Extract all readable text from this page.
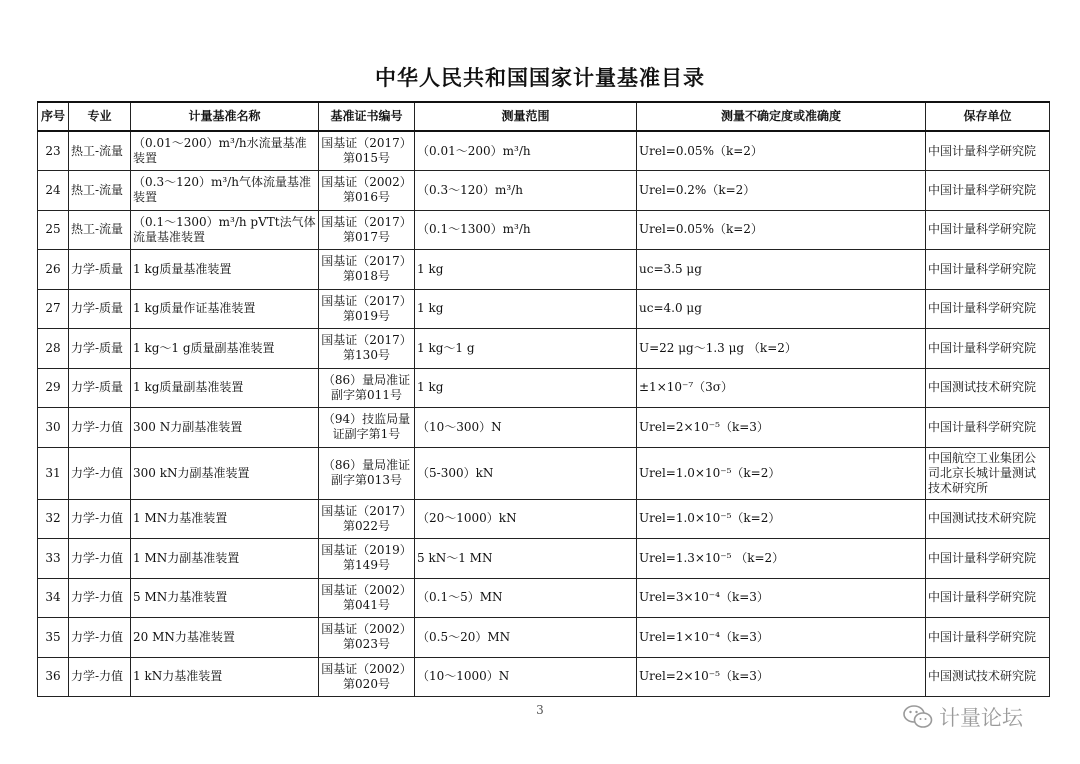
中华人民共和国国家计量基准目录
序号	专业	计量基准名称	基准证书编号	测量范围	测量不确定度或准确度	保存单位
23	热工-流量	（0.01～200）m³/h水流量基准装置	国基证（2017）第015号	（0.01～200）m³/h	Urel=0.05%（k=2）	中国计量科学研究院
24	热工-流量	（0.3～120）m³/h气体流量基准装置	国基证（2002）第016号	（0.3～120）m³/h	Urel=0.2%（k=2）	中国计量科学研究院
25	热工-流量	（0.1～1300）m³/h pVTt法气体流量基准装置	国基证（2017）第017号	（0.1～1300）m³/h	Urel=0.05%（k=2）	中国计量科学研究院
26	力学-质量	1 kg质量基准装置	国基证（2017）第018号	1 kg	uc=3.5 μg	中国计量科学研究院
27	力学-质量	1 kg质量作证基准装置	国基证（2017）第019号	1 kg	uc=4.0 μg	中国计量科学研究院
28	力学-质量	1 kg～1 g质量副基准装置	国基证（2017）第130号	1 kg～1 g	U=22 μg～1.3 μg （k=2）	中国计量科学研究院
29	力学-质量	1 kg质量副基准装置	（86）量局准证副字第011号	1 kg	±1×10⁻⁷（3σ）	中国测试技术研究院
30	力学-力值	300 N力副基准装置	（94）技监局量证副字第1号	（10～300）N	Urel=2×10⁻⁵（k=3）	中国计量科学研究院
31	力学-力值	300 kN力副基准装置	（86）量局准证副字第013号	（5-300）kN	Urel=1.0×10⁻⁵（k=2）	中国航空工业集团公司北京长城计量测试技术研究所
32	力学-力值	1 MN力基准装置	国基证（2017）第022号	（20～1000）kN	Urel=1.0×10⁻⁵（k=2）	中国测试技术研究院
33	力学-力值	1 MN力副基准装置	国基证（2019）第149号	5 kN～1 MN	Urel=1.3×10⁻⁵ （k=2）	中国计量科学研究院
34	力学-力值	5 MN力基准装置	国基证（2002）第041号	（0.1～5）MN	Urel=3×10⁻⁴（k=3）	中国计量科学研究院
35	力学-力值	20 MN力基准装置	国基证（2002）第023号	（0.5～20）MN	Urel=1×10⁻⁴（k=3）	中国计量科学研究院
36	力学-力值	1 kN力基准装置	国基证（2002）第020号	（10～1000）N	Urel=2×10⁻⁵（k=3）	中国测试技术研究院
3	计量论坛
